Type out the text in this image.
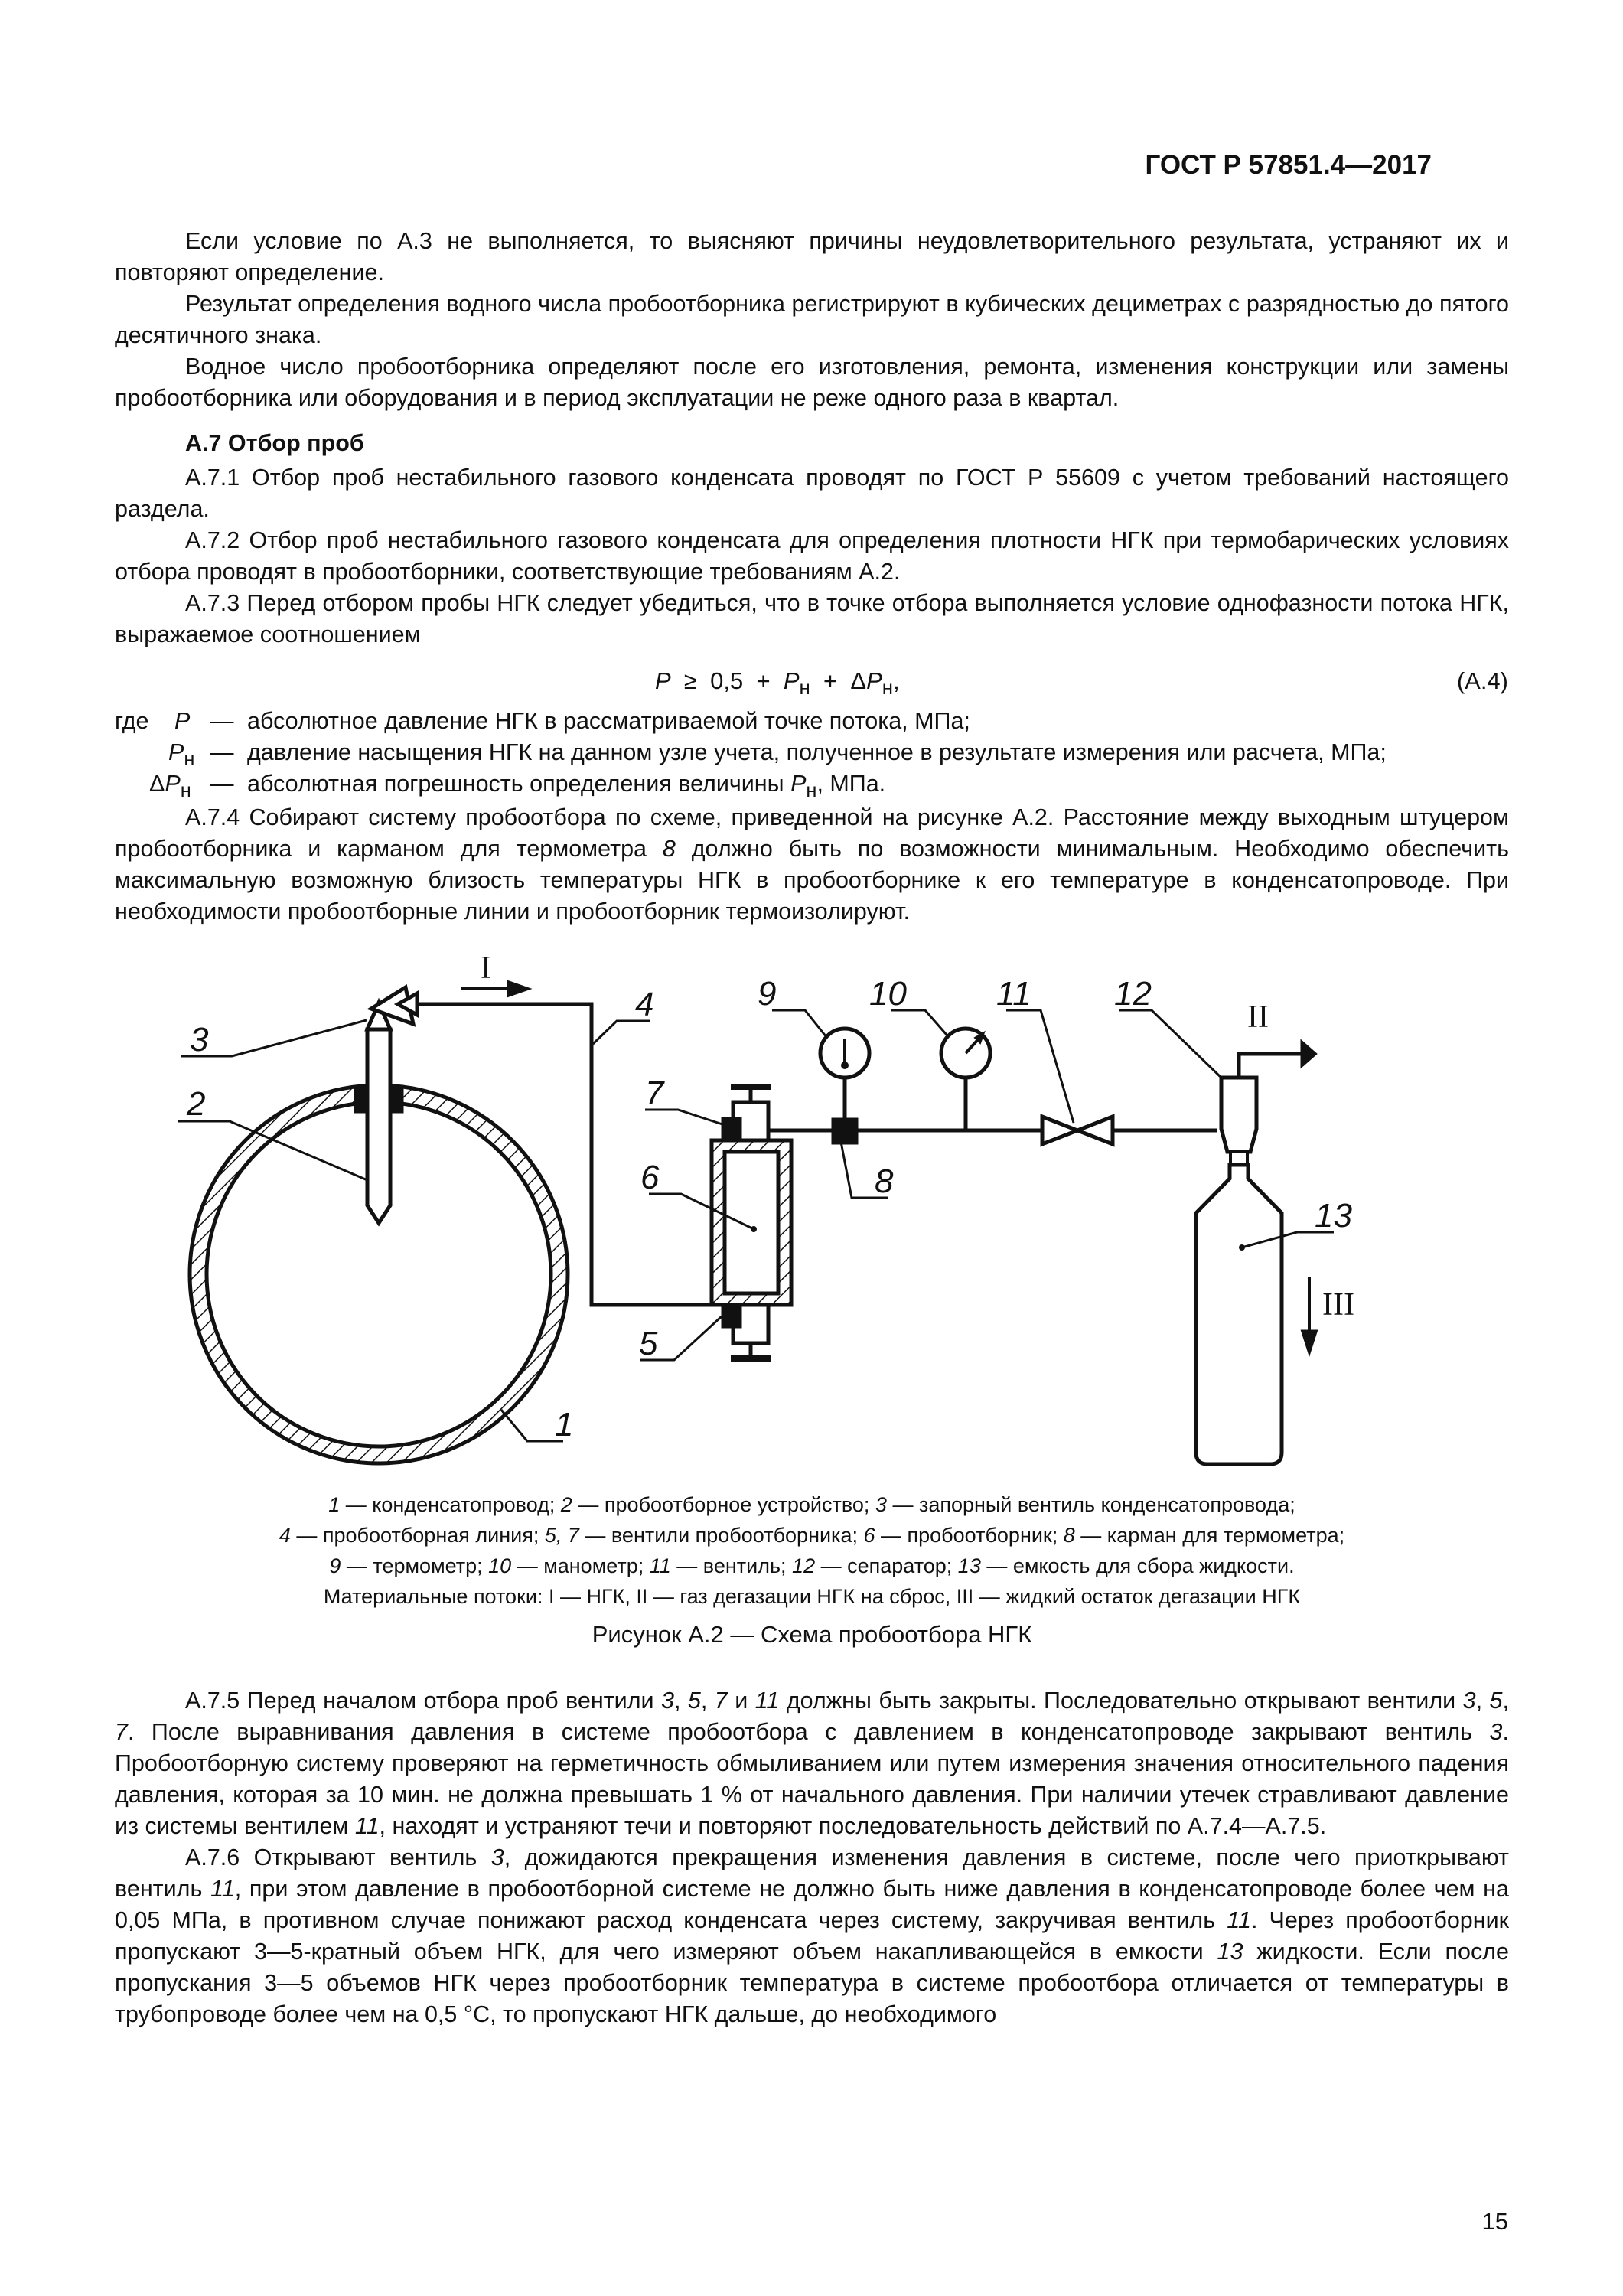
ГОСТ Р 57851.4—2017

Если условие по А.3 не выполняется, то выясняют причины неудовлетворительного результата, устраняют их и повторяют определение.

Результат определения водного числа пробоотборника регистрируют в кубических дециметрах с разрядностью до пятого десятичного знака.

Водное число пробоотборника определяют после его изготовления, ремонта, изменения конструкции или замены пробоотборника или оборудования и в период эксплуатации не реже одного раза в квартал.

А.7 Отбор проб

А.7.1 Отбор проб нестабильного газового конденсата проводят по ГОСТ Р 55609 с учетом требований настоящего раздела.

А.7.2 Отбор проб нестабильного газового конденсата для определения плотности НГК при термобарических условиях отбора проводят в пробоотборники, соответствующие требованиям А.2.

А.7.3 Перед отбором пробы НГК следует убедиться, что в точке отбора выполняется условие однофазности потока НГК, выражаемое соотношением

$P \ge 0,5 + P_н + \Delta P_н$,	(А.4)
где P — абсолютное давление НГК в рассматриваемой точке потока, МПа;
$P_н$ — давление насыщения НГК на данном узле учета, полученное в результате измерения или расчета, МПа;
$\Delta P_н$ — абсолютная погрешность определения величины $P_н$, МПа.

А.7.4 Собирают систему пробоотбора по схеме, приведенной на рисунке А.2. Расстояние между выходным штуцером пробоотборника и карманом для термометра 8 должно быть по возможности минимальным. Необходимо обеспечить максимальную возможную близость температуры НГК в пробоотборнике к его температуре в конденсатопроводе. При необходимости пробоотборные линии и пробоотборник термоизолируют.

3
2
4
5
6
7
8
9	10	11 12
13
1
I
II
III
1 — конденсатопровод; 2 — пробоотборное устройство; 3 — запорный вентиль конденсатопровода;
4 — пробоотборная линия; 5, 7 — вентили пробоотборника; 6 — пробоотборник; 8 — карман для термометра;
9 — термометр; 10 — манометр; 11 — вентиль; 12 — сепаратор; 13 — емкость для сбора жидкости.
Материальные потоки: I — НГК, II — газ дегазации НГК на сброс, III — жидкий остаток дегазации НГК
Рисунок А.2 — Схема пробоотбора НГК

А.7.5 Перед началом отбора проб вентили 3, 5, 7 и 11 должны быть закрыты. Последовательно открывают вентили 3, 5, 7. После выравнивания давления в системе пробоотбора с давлением в конденсатопроводе закрывают вентиль 3. Пробоотборную систему проверяют на герметичность обмыливанием или путем измерения значения относительного падения давления, которая за 10 мин. не должна превышать 1 % от начального давления. При наличии утечек стравливают давление из системы вентилем 11, находят и устраняют течи и повторяют последовательность действий по А.7.4—А.7.5.

А.7.6 Открывают вентиль 3, дожидаются прекращения изменения давления в системе, после чего приоткрывают вентиль 11, при этом давление в пробоотборной системе не должно быть ниже давления в конденсатопроводе более чем на 0,05 МПа, в противном случае понижают расход конденсата через систему, закручивая вентиль 11. Через пробоотборник пропускают 3—5-кратный объем НГК, для чего измеряют объем накапливающейся в емкости 13 жидкости. Если после пропускания 3—5 объемов НГК через пробоотборник температура в системе пробоотбора отличается от температуры в трубопроводе более чем на 0,5 °С, то пропускают НГК дальше, до необходимого

15
